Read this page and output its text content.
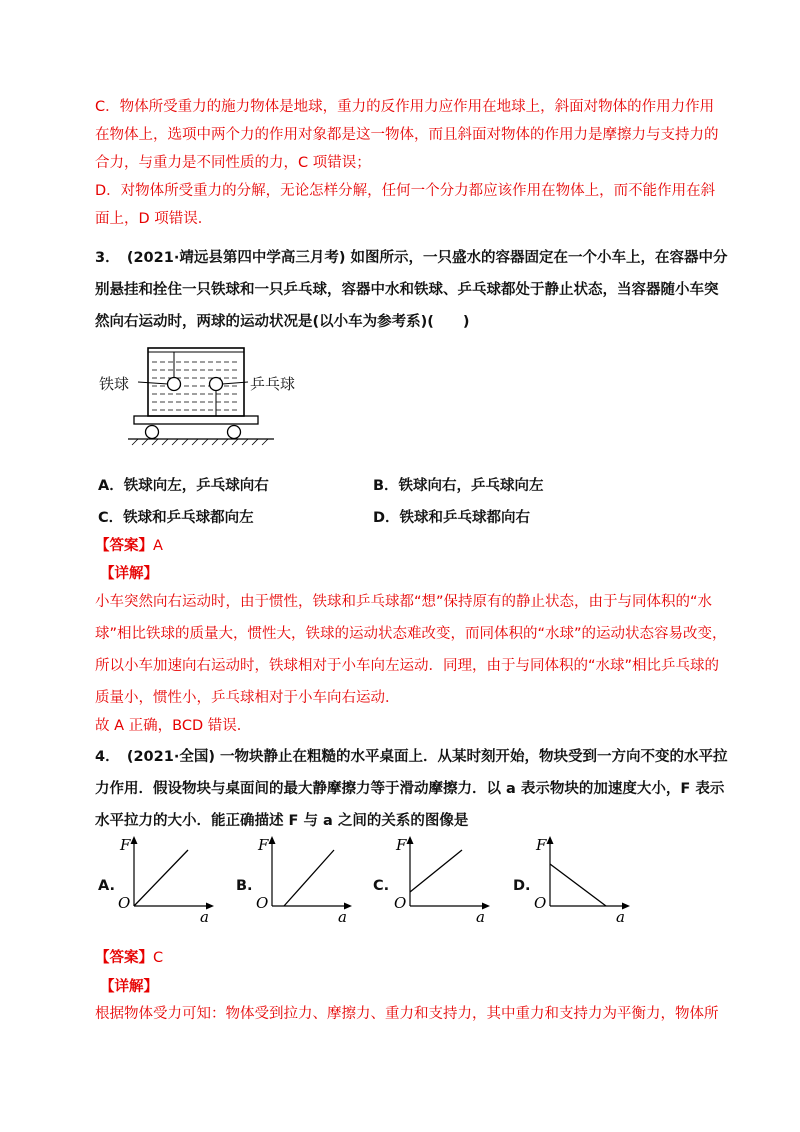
C．物体所受重力的施力物体是地球，重力的反作用力应作用在地球上，斜面对物体的作用力作用
在物体上，选项中两个力的作用对象都是这一物体，而且斜面对物体的作用力是摩擦力与支持力的
合力，与重力是不同性质的力，C 项错误；
D．对物体所受重力的分解，无论怎样分解，任何一个分力都应该作用在物体上，而不能作用在斜
面上，D 项错误．
3．　(2021·靖远县第四中学高三月考) 如图所示，一只盛水的容器固定在一个小车上，在容器中分
别悬挂和拴住一只铁球和一只乒乓球，容器中水和铁球、乒乓球都处于静止状态，当容器随小车突
然向右运动时，两球的运动状况是(以小车为参考系)(　　)
铁球	乒乓球
A．铁球向左，乒乓球向右	B．铁球向右，乒乓球向左
C．铁球和乒乓球都向左	D．铁球和乒乓球都向右
【答案】A
【详解】
小车突然向右运动时，由于惯性，铁球和乒乓球都“想”保持原有的静止状态，由于与同体积的“水
球”相比铁球的质量大，惯性大，铁球的运动状态难改变，而同体积的“水球”的运动状态容易改变，
所以小车加速向右运动时，铁球相对于小车向左运动．同理，由于与同体积的“水球”相比乒乓球的
质量小，惯性小，乒乓球相对于小车向右运动．
故 A 正确，BCD 错误．
4．　(2021·全国) 一物块静止在粗糙的水平桌面上．从某时刻开始，物块受到一方向不变的水平拉
力作用．假设物块与桌面间的最大静摩擦力等于滑动摩擦力．以 a 表示物块的加速度大小，F 表示
水平拉力的大小．能正确描述 F 与 a 之间的关系的图像是
A.
F
O
a
B.
F
O
a
C.
F
O
a
D.
F
O
a
【答案】C
【详解】
根据物体受力可知：物体受到拉力、摩擦力、重力和支持力，其中重力和支持力为平衡力，物体所
